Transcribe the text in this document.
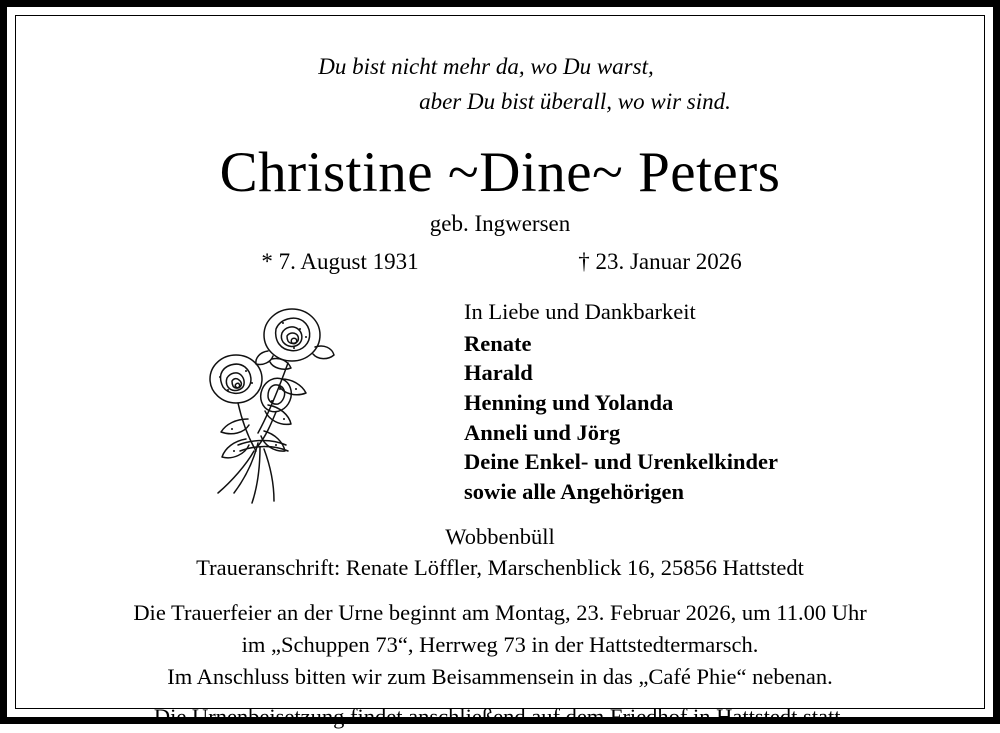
Du bist nicht mehr da, wo Du warst,
aber Du bist überall, wo wir sind.
Christine ~Dine~ Peters
geb. Ingwersen
* 7. August 1931	† 23. Januar 2026
In Liebe und Dankbarkeit
Renate
Harald
Henning und Yolanda
Anneli und Jörg
Deine Enkel- und Urenkelkinder
sowie alle Angehörigen
Wobbenbüll
Traueranschrift: Renate Löffler, Marschenblick 16, 25856 Hattstedt
Die Trauerfeier an der Urne beginnt am Montag, 23. Februar 2026, um 11.00 Uhr
im „Schuppen 73“, Herrweg 73 in der Hattstedtermarsch.
Im Anschluss bitten wir zum Beisammensein in das „Café Phie“ nebenan.
Die Urnenbeisetzung findet anschließend auf dem Friedhof in Hattstedt statt.
